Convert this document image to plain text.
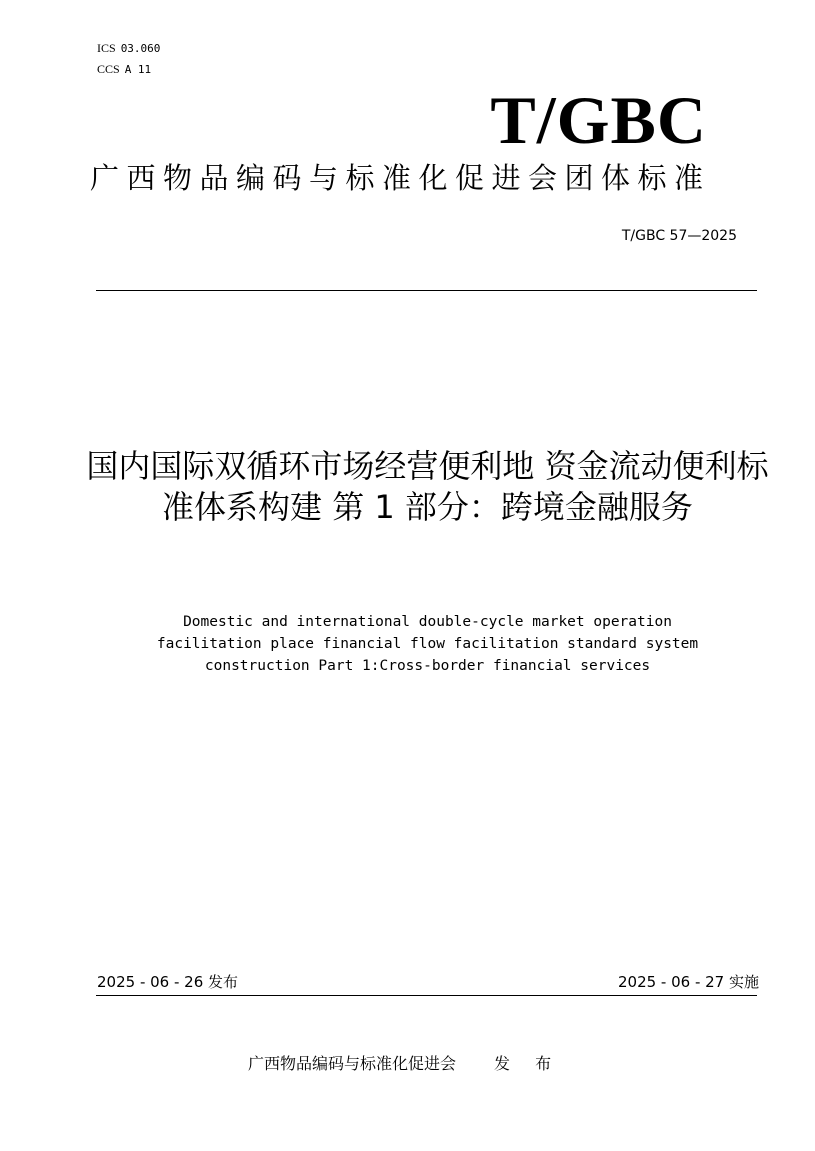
ICS 03.060
CCS A 11
T/GBC
广西物品编码与标准化促进会团体标准
T/GBC 57—2025
国内国际双循环市场经营便利地 资金流动便利标准体系构建 第 1 部分：跨境金融服务
Domestic and international double-cycle market operation
facilitation place financial flow facilitation standard system
construction Part 1:Cross-border financial services
2025 - 06 - 26 发布	2025 - 06 - 27 实施
广西物品编码与标准化促进会 发 布
